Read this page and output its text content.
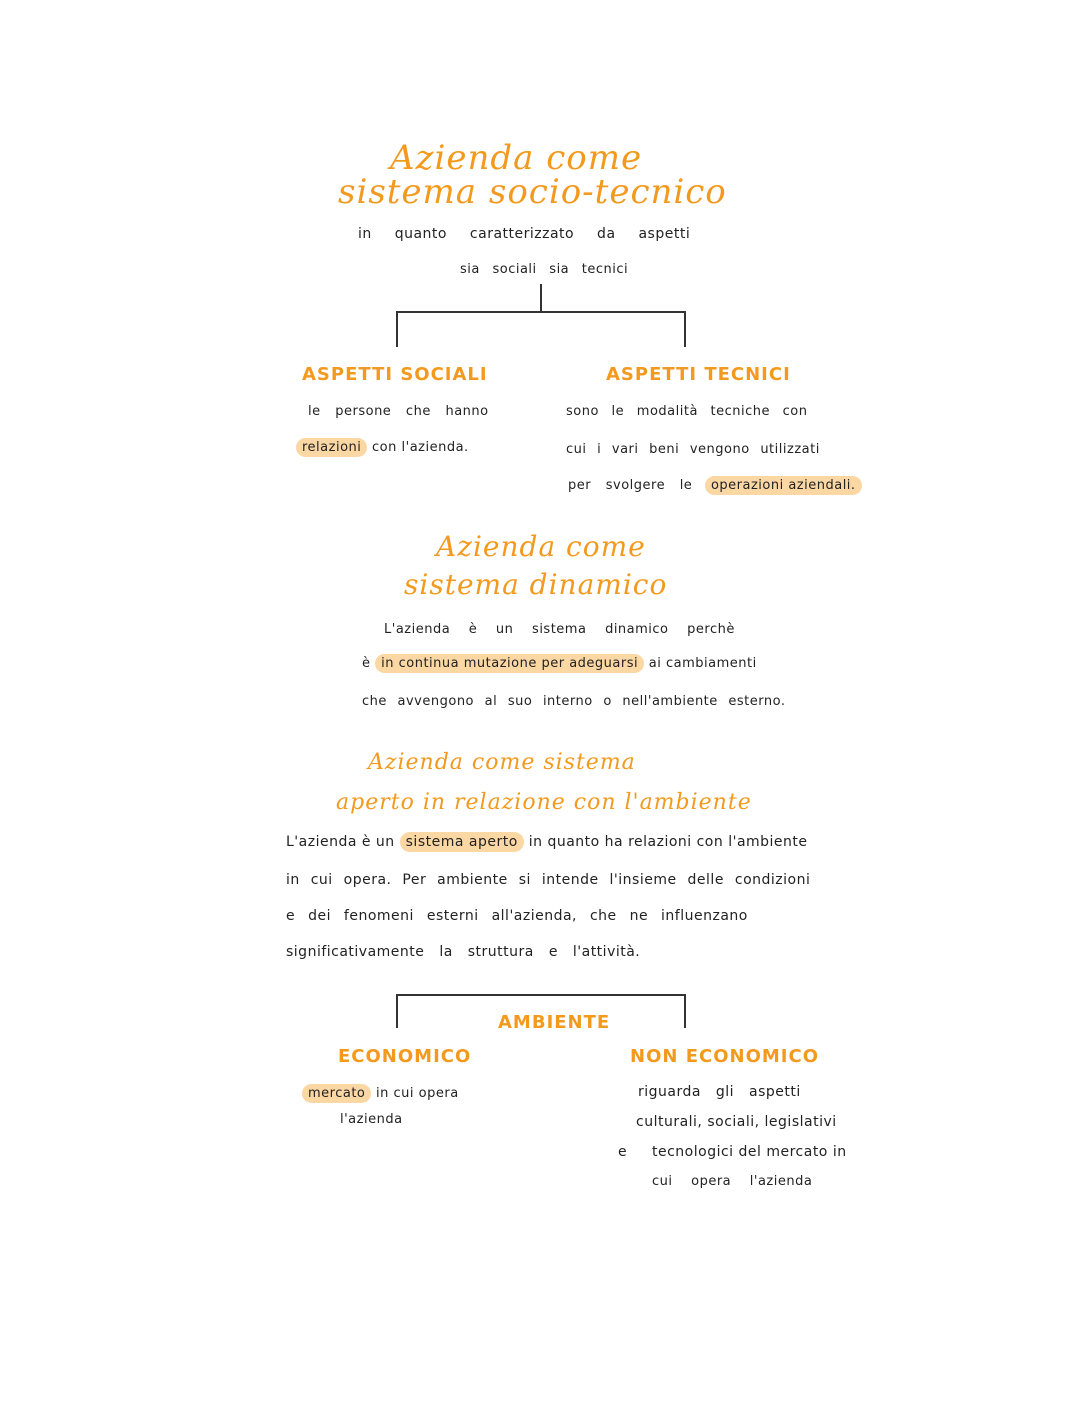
Azienda come
sistema socio-tecnico
in quanto caratterizzato da aspetti
sia sociali sia tecnici
ASPETTI SOCIALI
le persone che hanno
relazioni con l'azienda.
ASPETTI TECNICI
sono le modalità tecniche con
cui i vari beni vengono utilizzati
per svolgere le operazioni aziendali.
Azienda come
sistema dinamico
L'azienda è un sistema dinamico perchè
è in continua mutazione per adeguarsi ai cambiamenti
che avvengono al suo interno o nell'ambiente esterno.
Azienda come sistema
aperto in relazione con l'ambiente
L'azienda è un sistema aperto in quanto ha relazioni con l'ambiente
in cui opera. Per ambiente si intende l'insieme delle condizioni
e dei fenomeni esterni all'azienda, che ne influenzano
significativamente la struttura e l'attività.
AMBIENTE
ECONOMICO
mercato in cui opera
l'azienda
NON ECONOMICO
riguarda gli aspetti
culturali, sociali, legislativi
e tecnologici del mercato in
cui opera l'azienda
